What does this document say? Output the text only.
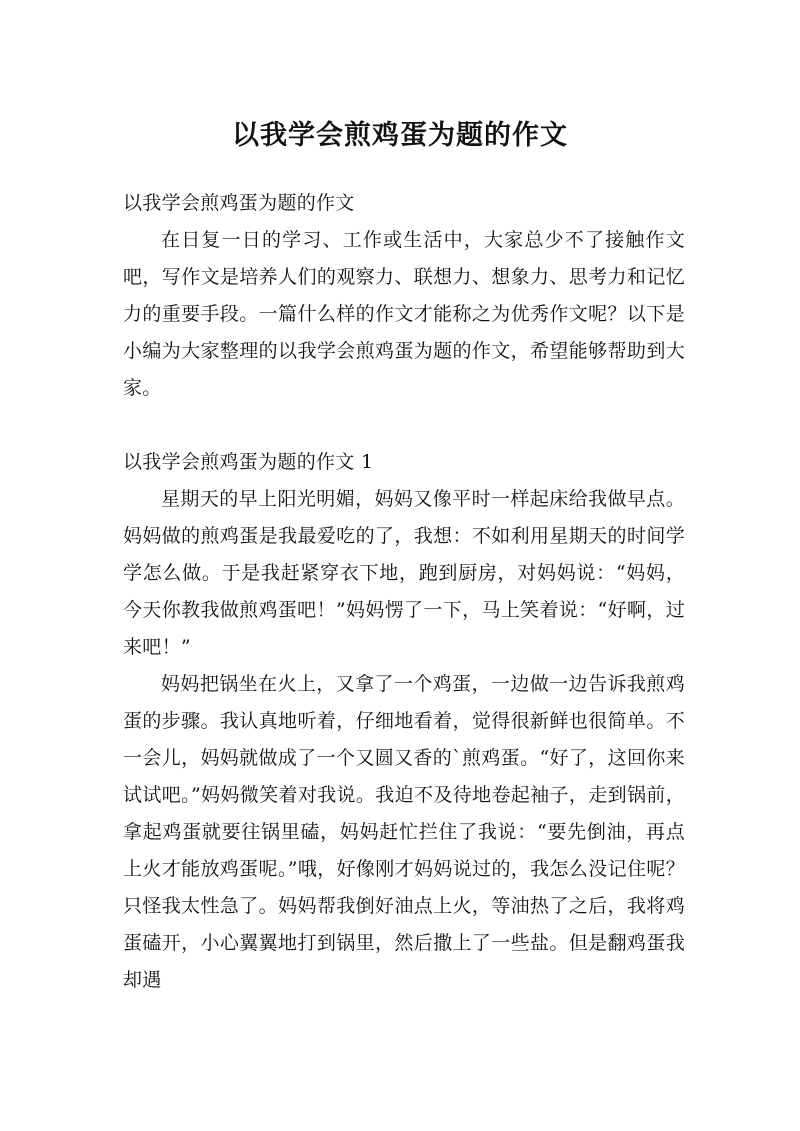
以我学会煎鸡蛋为题的作文

以我学会煎鸡蛋为题的作文

在日复一日的学习、工作或生活中，大家总少不了接触作文吧，写作文是培养人们的观察力、联想力、想象力、思考力和记忆力的重要手段。一篇什么样的作文才能称之为优秀作文呢？以下是小编为大家整理的以我学会煎鸡蛋为题的作文，希望能够帮助到大家。

以我学会煎鸡蛋为题的作文 1

星期天的早上阳光明媚，妈妈又像平时一样起床给我做早点。妈妈做的煎鸡蛋是我最爱吃的了，我想：不如利用星期天的时间学学怎么做。于是我赶紧穿衣下地，跑到厨房，对妈妈说：“妈妈，今天你教我做煎鸡蛋吧！”妈妈愣了一下，马上笑着说：“好啊，过来吧！”

妈妈把锅坐在火上，又拿了一个鸡蛋，一边做一边告诉我煎鸡蛋的步骤。我认真地听着，仔细地看着，觉得很新鲜也很简单。不一会儿，妈妈就做成了一个又圆又香的`煎鸡蛋。“好了，这回你来试试吧。”妈妈微笑着对我说。我迫不及待地卷起袖子，走到锅前，拿起鸡蛋就要往锅里磕，妈妈赶忙拦住了我说：“要先倒油，再点上火才能放鸡蛋呢。”哦，好像刚才妈妈说过的，我怎么没记住呢？只怪我太性急了。妈妈帮我倒好油点上火，等油热了之后，我将鸡蛋磕开，小心翼翼地打到锅里，然后撒上了一些盐。但是翻鸡蛋我却遇
